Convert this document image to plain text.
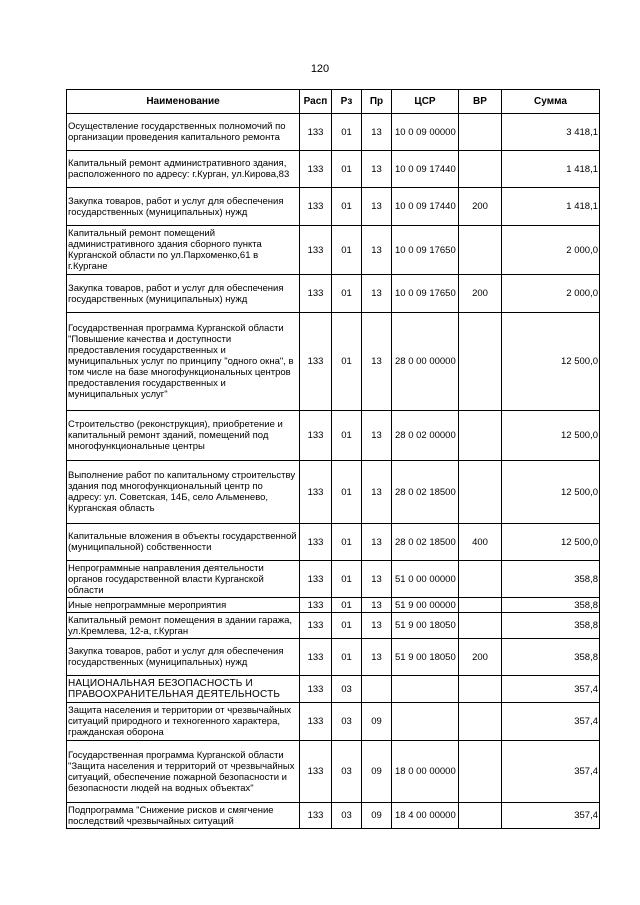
120
Наименование	Расп	Рз	Пр	ЦСР	ВР	Сумма
Осуществление государственных полномочий по организации проведения капитального ремонта	133	01	13	10 0 09 00000		3 418,1
Капитальный ремонт административного здания, расположенного по адресу: г.Курган, ул.Кирова,83	133	01	13	10 0 09 17440		1 418,1
Закупка товаров, работ и услуг для обеспечения государственных (муниципальных) нужд	133	01	13	10 0 09 17440	200	1 418,1
Капитальный ремонт помещений административного здания сборного пункта Курганской области по ул.Пархоменко,61 в г.Кургане	133	01	13	10 0 09 17650		2 000,0
Закупка товаров, работ и услуг для обеспечения государственных (муниципальных) нужд	133	01	13	10 0 09 17650	200	2 000,0
Государственная программа Курганской области "Повышение качества и доступности предоставления государственных и муниципальных услуг по принципу "одного окна", в том числе на базе многофункциональных центров предоставления государственных и муниципальных услуг"	133	01	13	28 0 00 00000		12 500,0
Строительство (реконструкция), приобретение и капитальный ремонт зданий, помещений под многофункциональные центры	133	01	13	28 0 02 00000		12 500,0
Выполнение работ по капитальному строительству здания под многофункциональный центр по адресу: ул. Советская, 14Б, село Альменево, Курганская область	133	01	13	28 0 02 18500		12 500,0
Капитальные вложения в объекты государственной (муниципальной) собственности	133	01	13	28 0 02 18500	400	12 500,0
Непрограммные направления деятельности органов государственной власти Курганской области	133	01	13	51 0 00 00000		358,8
Иные непрограммные мероприятия	133	01	13	51 9 00 00000		358,8
Капитальный ремонт помещения в здании гаража, ул.Кремлева, 12-а, г.Курган	133	01	13	51 9 00 18050		358,8
Закупка товаров, работ и услуг для обеспечения государственных (муниципальных) нужд	133	01	13	51 9 00 18050	200	358,8
НАЦИОНАЛЬНАЯ БЕЗОПАСНОСТЬ И ПРАВООХРАНИТЕЛЬНАЯ ДЕЯТЕЛЬНОСТЬ	133	03				357,4
Защита населения и территории от чрезвычайных ситуаций природного и техногенного характера, гражданская оборона	133	03	09			357,4
Государственная программа Курганской области "Защита населения и территорий от чрезвычайных ситуаций, обеспечение пожарной безопасности и безопасности людей на водных объектах"	133	03	09	18 0 00 00000		357,4
Подпрограмма "Снижение рисков и смягчение последствий чрезвычайных ситуаций	133	03	09	18 4 00 00000		357,4
